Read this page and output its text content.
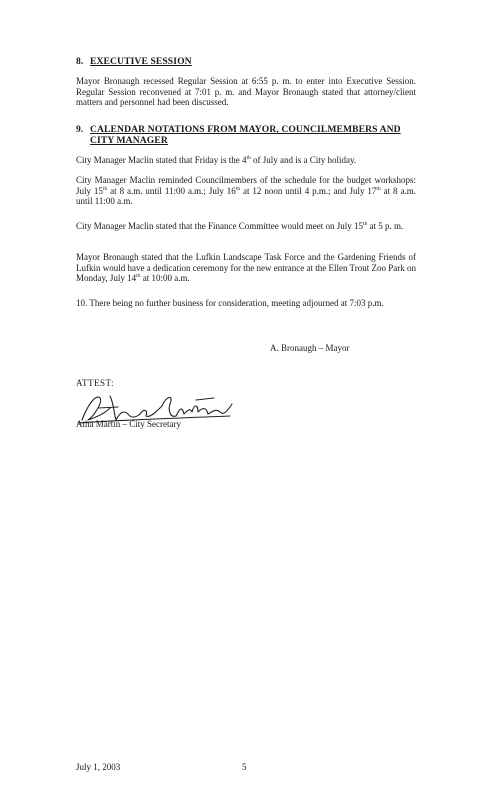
8. EXECUTIVE SESSION

Mayor Bronaugh recessed Regular Session at 6:55 p. m. to enter into Executive Session. Regular Session reconvened at 7:01 p. m. and Mayor Bronaugh stated that attorney/client matters and personnel had been discussed.

9. CALENDAR NOTATIONS FROM MAYOR, COUNCILMEMBERS AND
CITY MANAGER

City Manager Maclin stated that Friday is the 4th of July and is a City holiday.

City Manager Maclin reminded Councilmembers of the schedule for the budget workshops: July 15th at 8 a.m. until 11:00 a.m.; July 16th at 12 noon until 4 p.m.; and July 17th at 8 a.m. until 11:00 a.m.

City Manager Maclin stated that the Finance Committee would meet on July 15th at 5 p. m.

Mayor Bronaugh stated that the Lufkin Landscape Task Force and the Gardening Friends of Lufkin would have a dedication ceremony for the new entrance at the Ellen Trout Zoo Park on Monday, July 14th at 10:00 a.m.

10. There being no further business for consideration, meeting adjourned at 7:03 p.m.

A. Bronaugh – Mayor
ATTEST:
Atha Martin – City Secretary
July 1, 2003	5
